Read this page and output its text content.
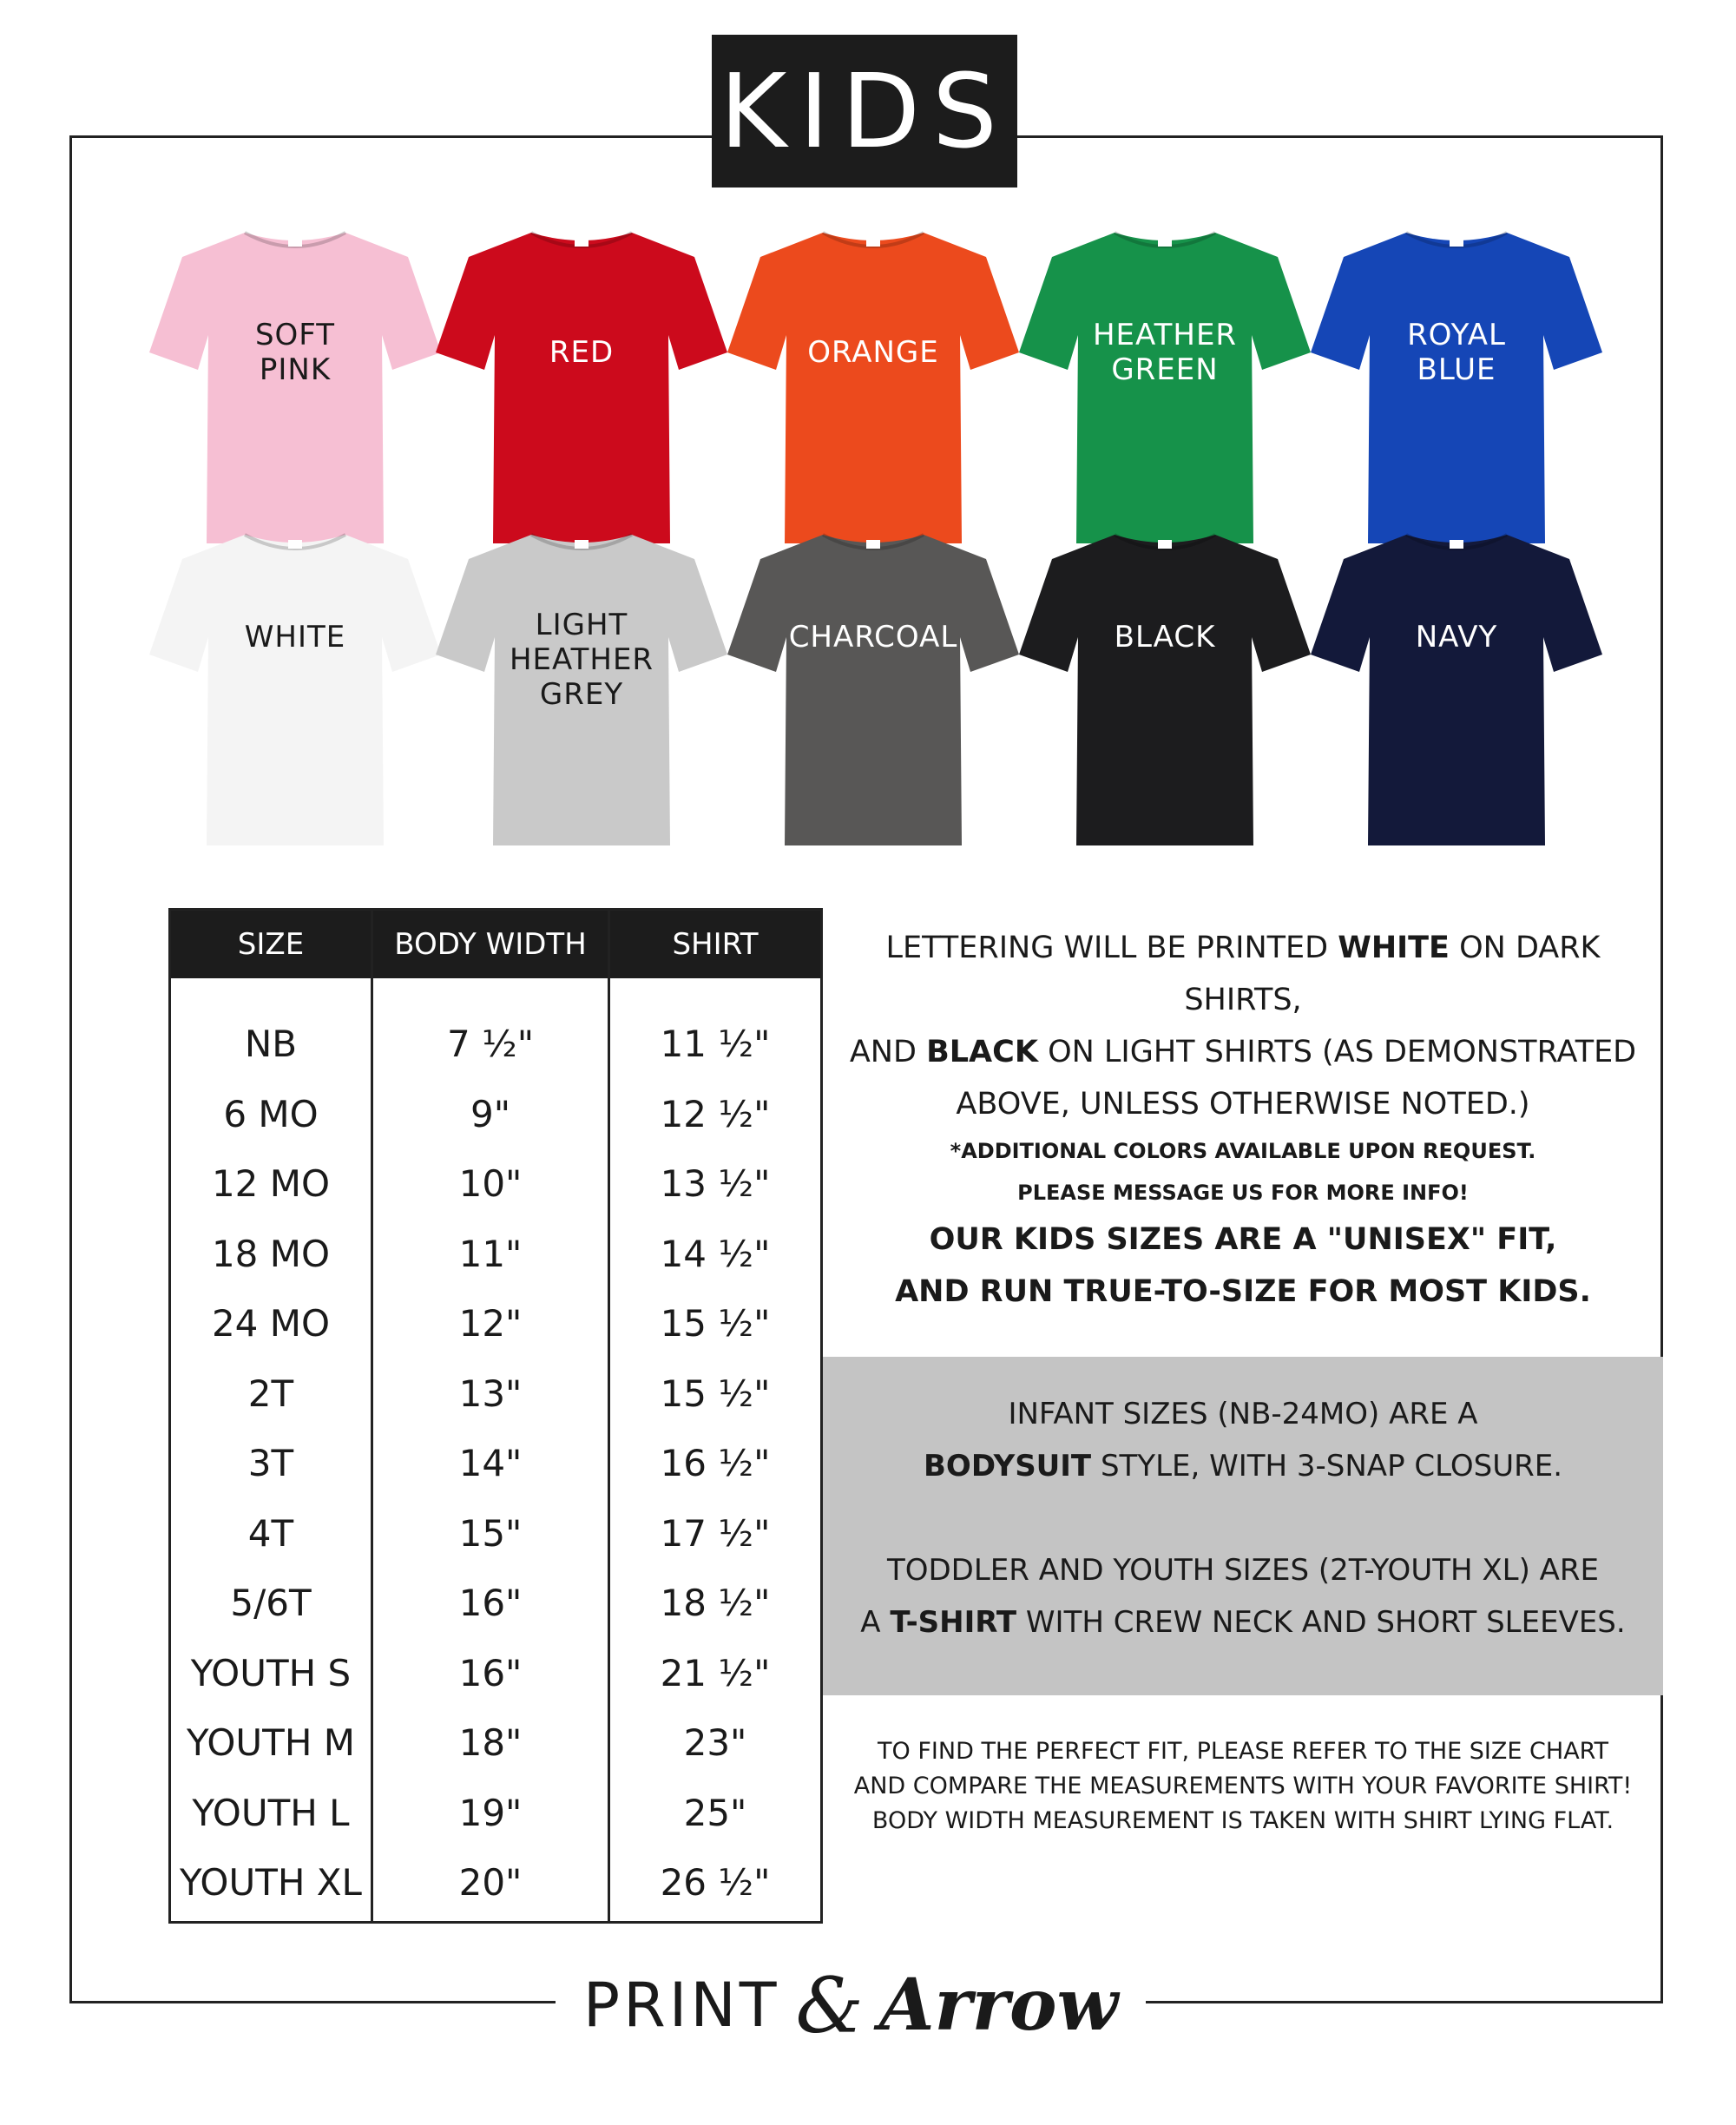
KIDS
SOFT
PINK	RED	ORANGE	HEATHER
GREEN
ROYAL
BLUE
WHITE	LIGHT
HEATHER
GREY
CHARCOAL	BLACK	NAVY
SIZE	BODY WIDTH	SHIRT LENGTH
NB	7 ½"	11 ½"
6 MO	9"	12 ½"
12 MO	10"	13 ½"
18 MO	11"	14 ½"
24 MO	12"	15 ½"
2T	13"	15 ½"
3T	14"	16 ½"
4T	15"	17 ½"
5/6T	16"	18 ½"
YOUTH S	16"	21 ½"
YOUTH M	18"	23"
YOUTH L	19"	25"
YOUTH XL	20"	26 ½"
LETTERING WILL BE PRINTED WHITE ON DARK SHIRTS,
AND BLACK ON LIGHT SHIRTS (AS DEMONSTRATED
ABOVE, UNLESS OTHERWISE NOTED.)
*ADDITIONAL COLORS AVAILABLE UPON REQUEST.
PLEASE MESSAGE US FOR MORE INFO!
OUR KIDS SIZES ARE A "UNISEX" FIT,
AND RUN TRUE-TO-SIZE FOR MOST KIDS.

INFANT SIZES (NB-24MO) ARE A

BODYSUIT STYLE, WITH 3-SNAP CLOSURE.

TODDLER AND YOUTH SIZES (2T-YOUTH XL) ARE

A T-SHIRT WITH CREW NECK AND SHORT SLEEVES.

TO FIND THE PERFECT FIT, PLEASE REFER TO THE SIZE CHART
AND COMPARE THE MEASUREMENTS WITH YOUR FAVORITE SHIRT!
BODY WIDTH MEASUREMENT IS TAKEN WITH SHIRT LYING FLAT.
PRINT & Arrow
